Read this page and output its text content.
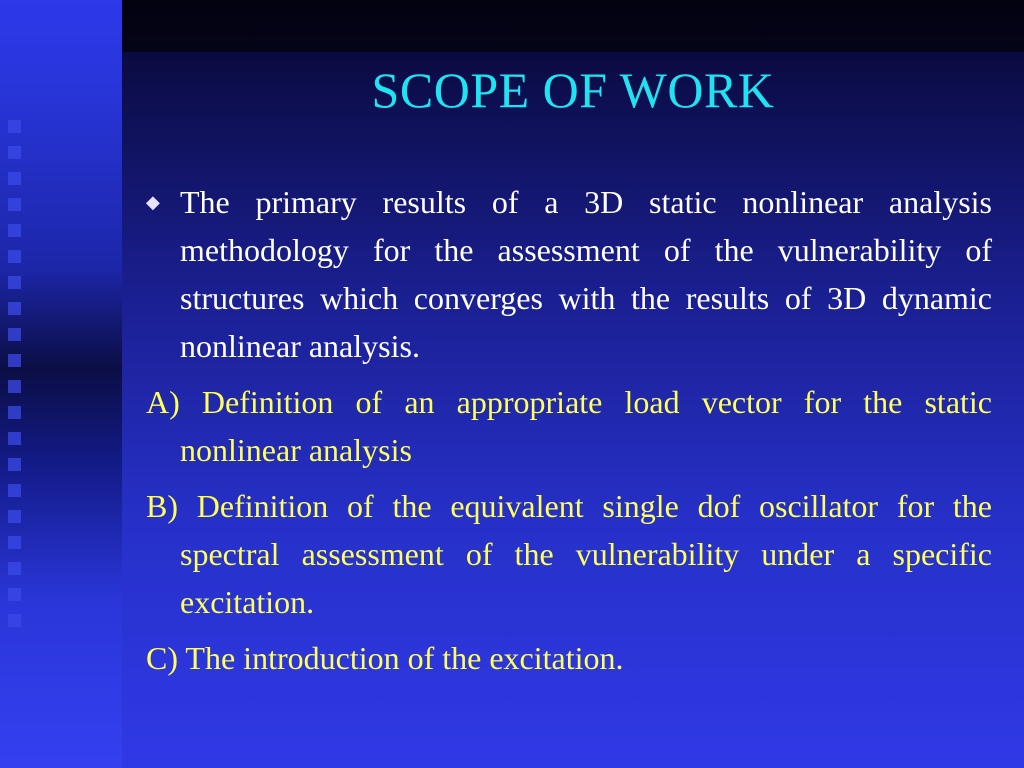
SCOPE OF WORK

◆ The primary results of a 3D static nonlinear analysis methodology for the assessment of the vulnerability of structures which converges with the results of 3D dynamic nonlinear analysis.

A) Definition of an appropriate load vector for the static nonlinear analysis

B) Definition of the equivalent single dof oscillator for the spectral assessment of the vulnerability under a specific excitation.

C) The introduction of the excitation.
